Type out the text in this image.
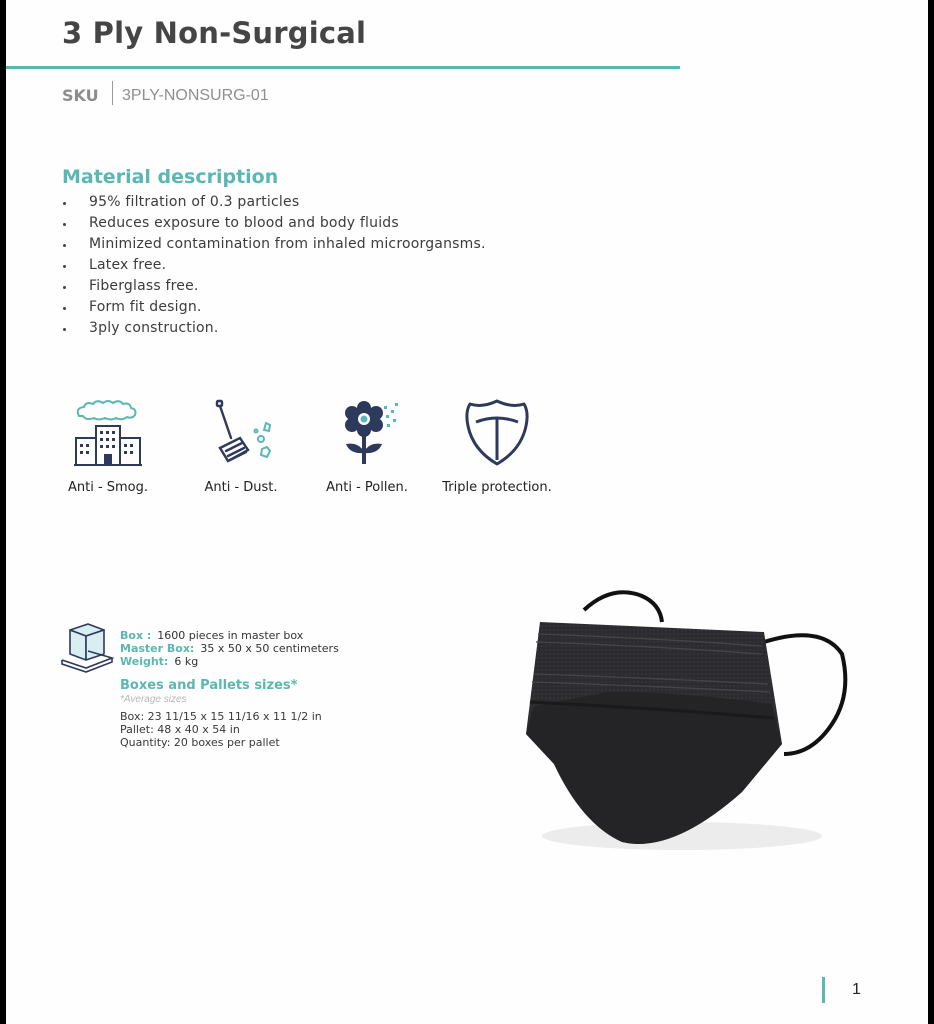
3 Ply Non-Surgical
SKU 3PLY-NONSURG-01
Material description
95% filtration of 0.3 particles
Reduces exposure to blood and body fluids
Minimized contamination from inhaled microorgansms.
Latex free.
Fiberglass free.
Form fit design.
3ply construction.
Anti - Smog.	Anti - Dust.	Anti - Pollen.	Triple protection.
Box : 1600 pieces in master box
Master Box: 35 x 50 x 50 centimeters
Weight: 6 kg
Boxes and Pallets sizes*
*Average sizes
Box: 23 11/15 x 15 11/16 x 11 1/2 in
Pallet: 48 x 40 x 54 in
Quantity: 20 boxes per pallet
1
